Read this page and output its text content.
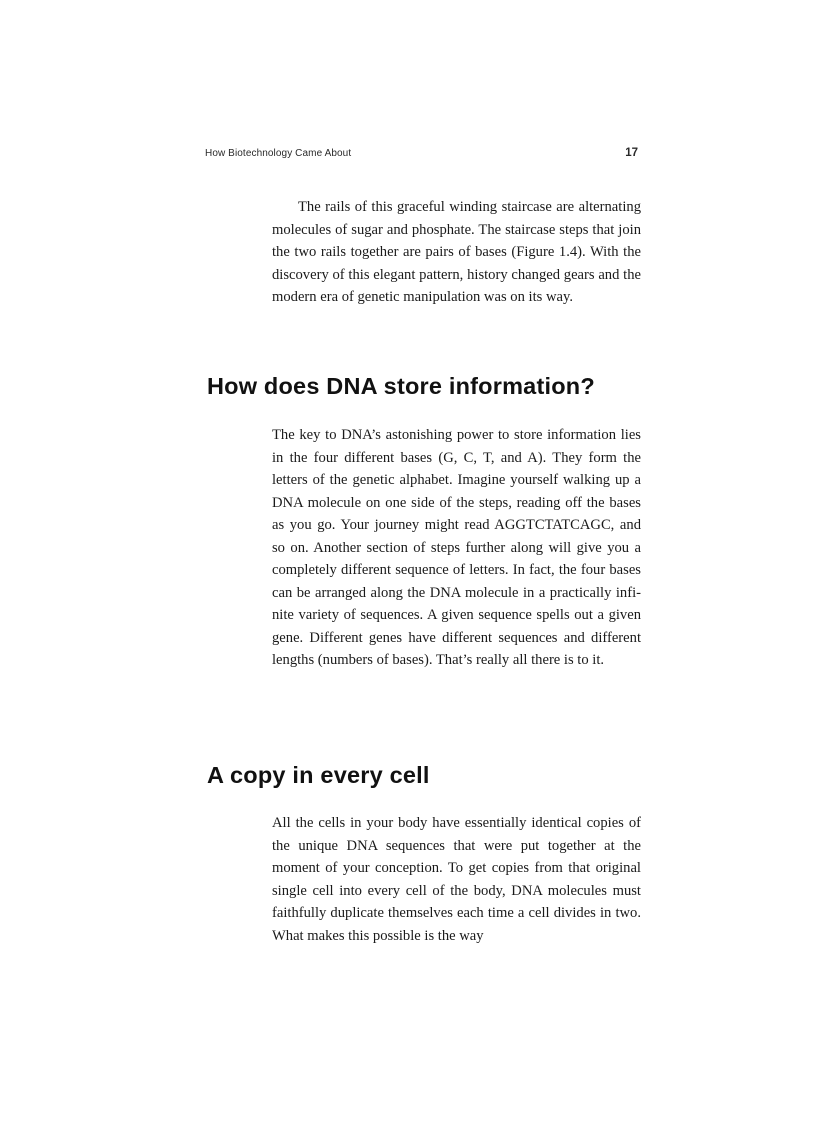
How Biotechnology Came About	17

The rails of this graceful winding staircase are alternating molecules of sugar and phosphate. The staircase steps that join the two rails together are pairs of bases (Figure 1.4). With the discovery of this elegant pattern, history changed gears and the modern era of genetic manipulation was on its way.

How does DNA store information?

The key to DNA’s astonishing power to store information lies in the four different bases (G, C, T, and A). They form the letters of the genetic alphabet. Imagine yourself walking up a DNA molecule on one side of the steps, reading off the bases as you go. Your journey might read AGGTCTATCAGC, and so on. Another section of steps further along will give you a completely different sequence of letters. In fact, the four bases can be arranged along the DNA molecule in a practically infinite variety of sequences. A given sequence spells out a given gene. Different genes have different sequences and different lengths (numbers of bases). That’s really all there is to it.

A copy in every cell

All the cells in your body have essentially identical copies of the unique DNA sequences that were put together at the moment of your conception. To get copies from that original single cell into every cell of the body, DNA molecules must faithfully duplicate themselves each time a cell divides in two. What makes this possible is the way
